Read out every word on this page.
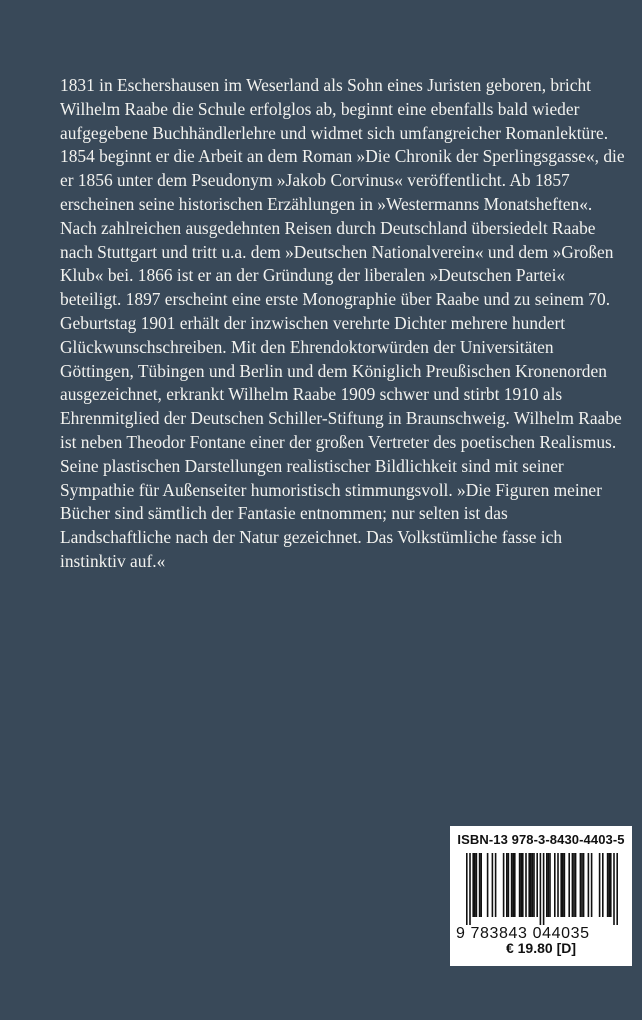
1831 in Eschershausen im Weserland als Sohn eines Juristen geboren, bricht
Wilhelm Raabe die Schule erfolglos ab, beginnt eine ebenfalls bald wieder
aufgegebene Buchhändlerlehre und widmet sich umfangreicher Romanlektüre.
1854 beginnt er die Arbeit an dem Roman »Die Chronik der Sperlingsgasse«, die
er 1856 unter dem Pseudonym »Jakob Corvinus« veröffentlicht. Ab 1857
erscheinen seine historischen Erzählungen in »Westermanns Monatsheften«.
Nach zahlreichen ausgedehnten Reisen durch Deutschland übersiedelt Raabe
nach Stuttgart und tritt u.a. dem »Deutschen Nationalverein« und dem »Großen
Klub« bei. 1866 ist er an der Gründung der liberalen »Deutschen Partei«
beteiligt. 1897 erscheint eine erste Monographie über Raabe und zu seinem 70.
Geburtstag 1901 erhält der inzwischen verehrte Dichter mehrere hundert
Glückwunschschreiben. Mit den Ehrendoktorwürden der Universitäten
Göttingen, Tübingen und Berlin und dem Königlich Preußischen Kronenorden
ausgezeichnet, erkrankt Wilhelm Raabe 1909 schwer und stirbt 1910 als
Ehrenmitglied der Deutschen Schiller-Stiftung in Braunschweig. Wilhelm Raabe
ist neben Theodor Fontane einer der großen Vertreter des poetischen Realismus.
Seine plastischen Darstellungen realistischer Bildlichkeit sind mit seiner
Sympathie für Außenseiter humoristisch stimmungsvoll. »Die Figuren meiner
Bücher sind sämtlich der Fantasie entnommen; nur selten ist das
Landschaftliche nach der Natur gezeichnet. Das Volkstümliche fasse ich
instinktiv auf.«

ISBN-13 978-3-8430-4403-5
9 783843 044035
€ 19.80 [D]
